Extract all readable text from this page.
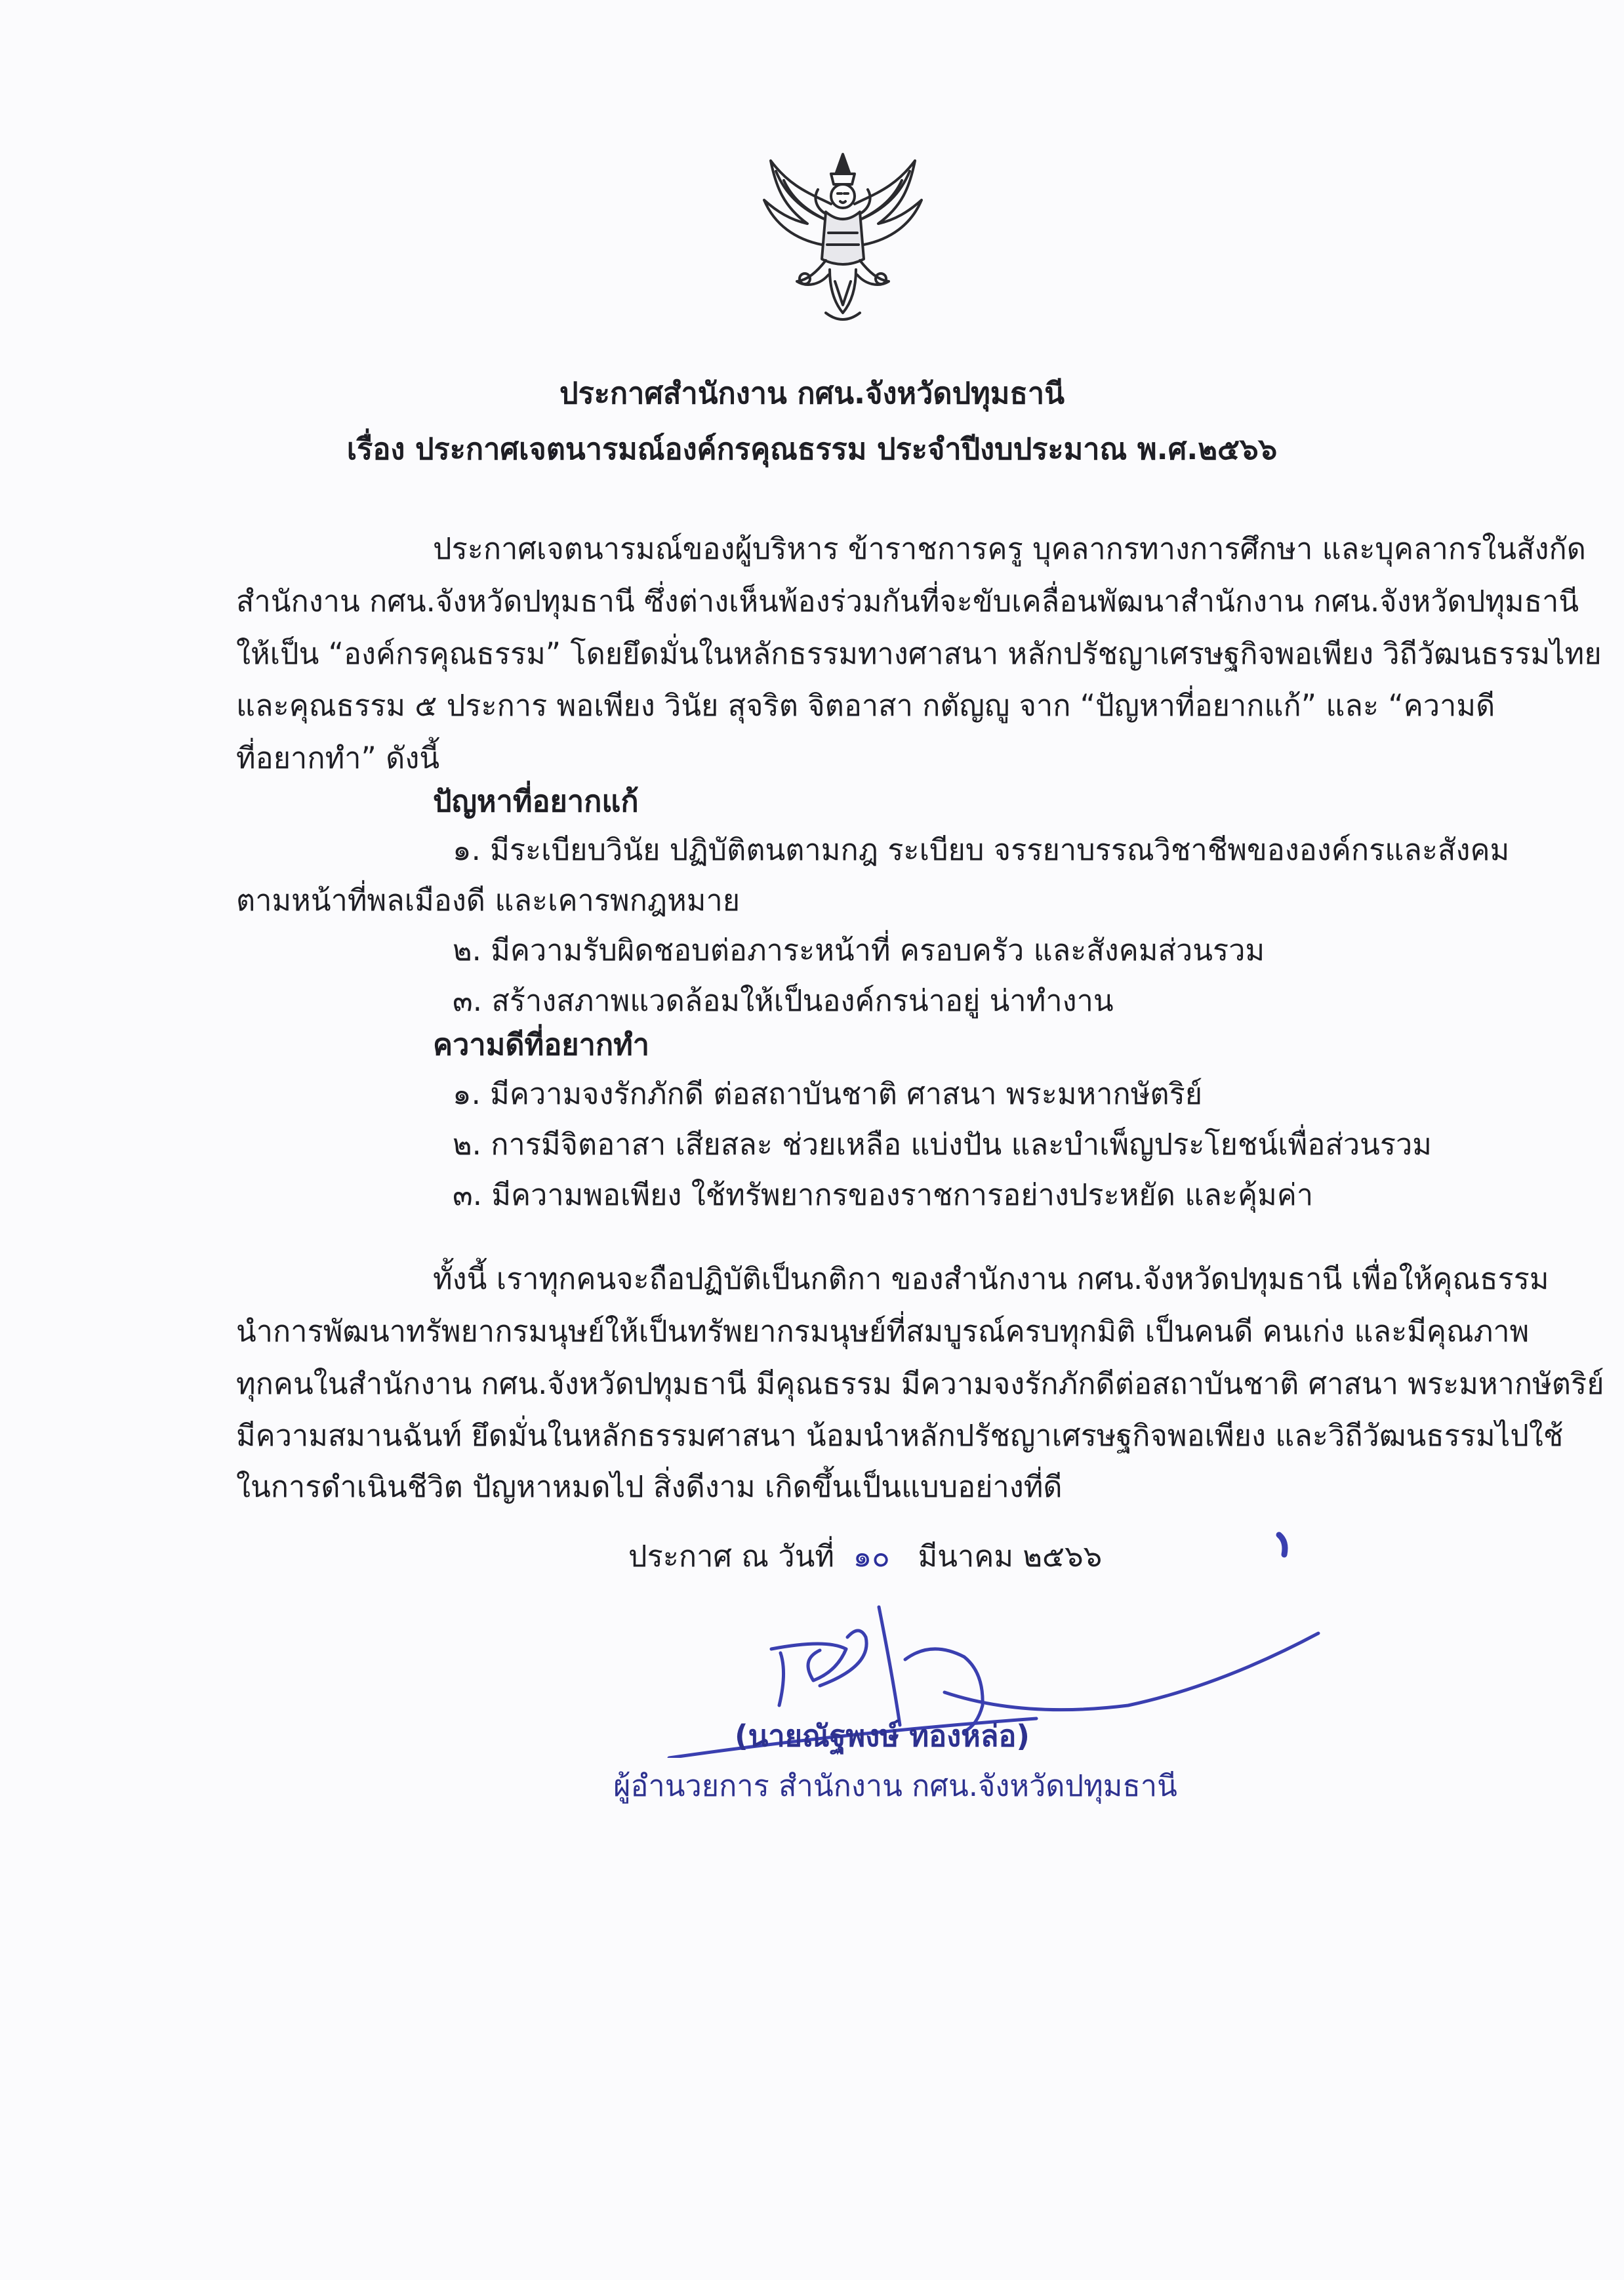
ประกาศสำนักงาน กศน.จังหวัดปทุมธานี
เรื่อง ประกาศเจตนารมณ์องค์กรคุณธรรม ประจำปีงบประมาณ พ.ศ.๒๕๖๖
ประกาศเจตนารมณ์ของผู้บริหาร ข้าราชการครู บุคลากรทางการศึกษา และบุคลากรในสังกัด
สำนักงาน กศน.จังหวัดปทุมธานี ซึ่งต่างเห็นพ้องร่วมกันที่จะขับเคลื่อนพัฒนาสำนักงาน กศน.จังหวัดปทุมธานี
ให้เป็น “องค์กรคุณธรรม” โดยยึดมั่นในหลักธรรมทางศาสนา หลักปรัชญาเศรษฐกิจพอเพียง วิถีวัฒนธรรมไทย
และคุณธรรม ๕ ประการ พอเพียง วินัย สุจริต จิตอาสา กตัญญู จาก “ปัญหาที่อยากแก้” และ “ความดี
ที่อยากทำ” ดังนี้
ปัญหาที่อยากแก้
๑. มีระเบียบวินัย ปฏิบัติตนตามกฎ ระเบียบ จรรยาบรรณวิชาชีพขององค์กรและสังคม
ตามหน้าที่พลเมืองดี และเคารพกฎหมาย
๒. มีความรับผิดชอบต่อภาระหน้าที่ ครอบครัว และสังคมส่วนรวม
๓. สร้างสภาพแวดล้อมให้เป็นองค์กรน่าอยู่ น่าทำงาน
ความดีที่อยากทำ
๑. มีความจงรักภักดี ต่อสถาบันชาติ ศาสนา พระมหากษัตริย์
๒. การมีจิตอาสา เสียสละ ช่วยเหลือ แบ่งปัน และบำเพ็ญประโยชน์เพื่อส่วนรวม
๓. มีความพอเพียง ใช้ทรัพยากรของราชการอย่างประหยัด และคุ้มค่า
ทั้งนี้ เราทุกคนจะถือปฏิบัติเป็นกติกา ของสำนักงาน กศน.จังหวัดปทุมธานี เพื่อให้คุณธรรม
นำการพัฒนาทรัพยากรมนุษย์ให้เป็นทรัพยากรมนุษย์ที่สมบูรณ์ครบทุกมิติ เป็นคนดี คนเก่ง และมีคุณภาพ
ทุกคนในสำนักงาน กศน.จังหวัดปทุมธานี มีคุณธรรม มีความจงรักภักดีต่อสถาบันชาติ ศาสนา พระมหากษัตริย์
มีความสมานฉันท์ ยึดมั่นในหลักธรรมศาสนา น้อมนำหลักปรัชญาเศรษฐกิจพอเพียง และวิถีวัฒนธรรมไปใช้
ในการดำเนินชีวิต ปัญหาหมดไป สิ่งดีงาม เกิดขึ้นเป็นแบบอย่างที่ดี
ประกาศ ณ วันที่ ๑๐ มีนาคม ๒๕๖๖
(นายณัฐพงษ์ ทองหล่อ)
ผู้อำนวยการ สำนักงาน กศน.จังหวัดปทุมธานี
